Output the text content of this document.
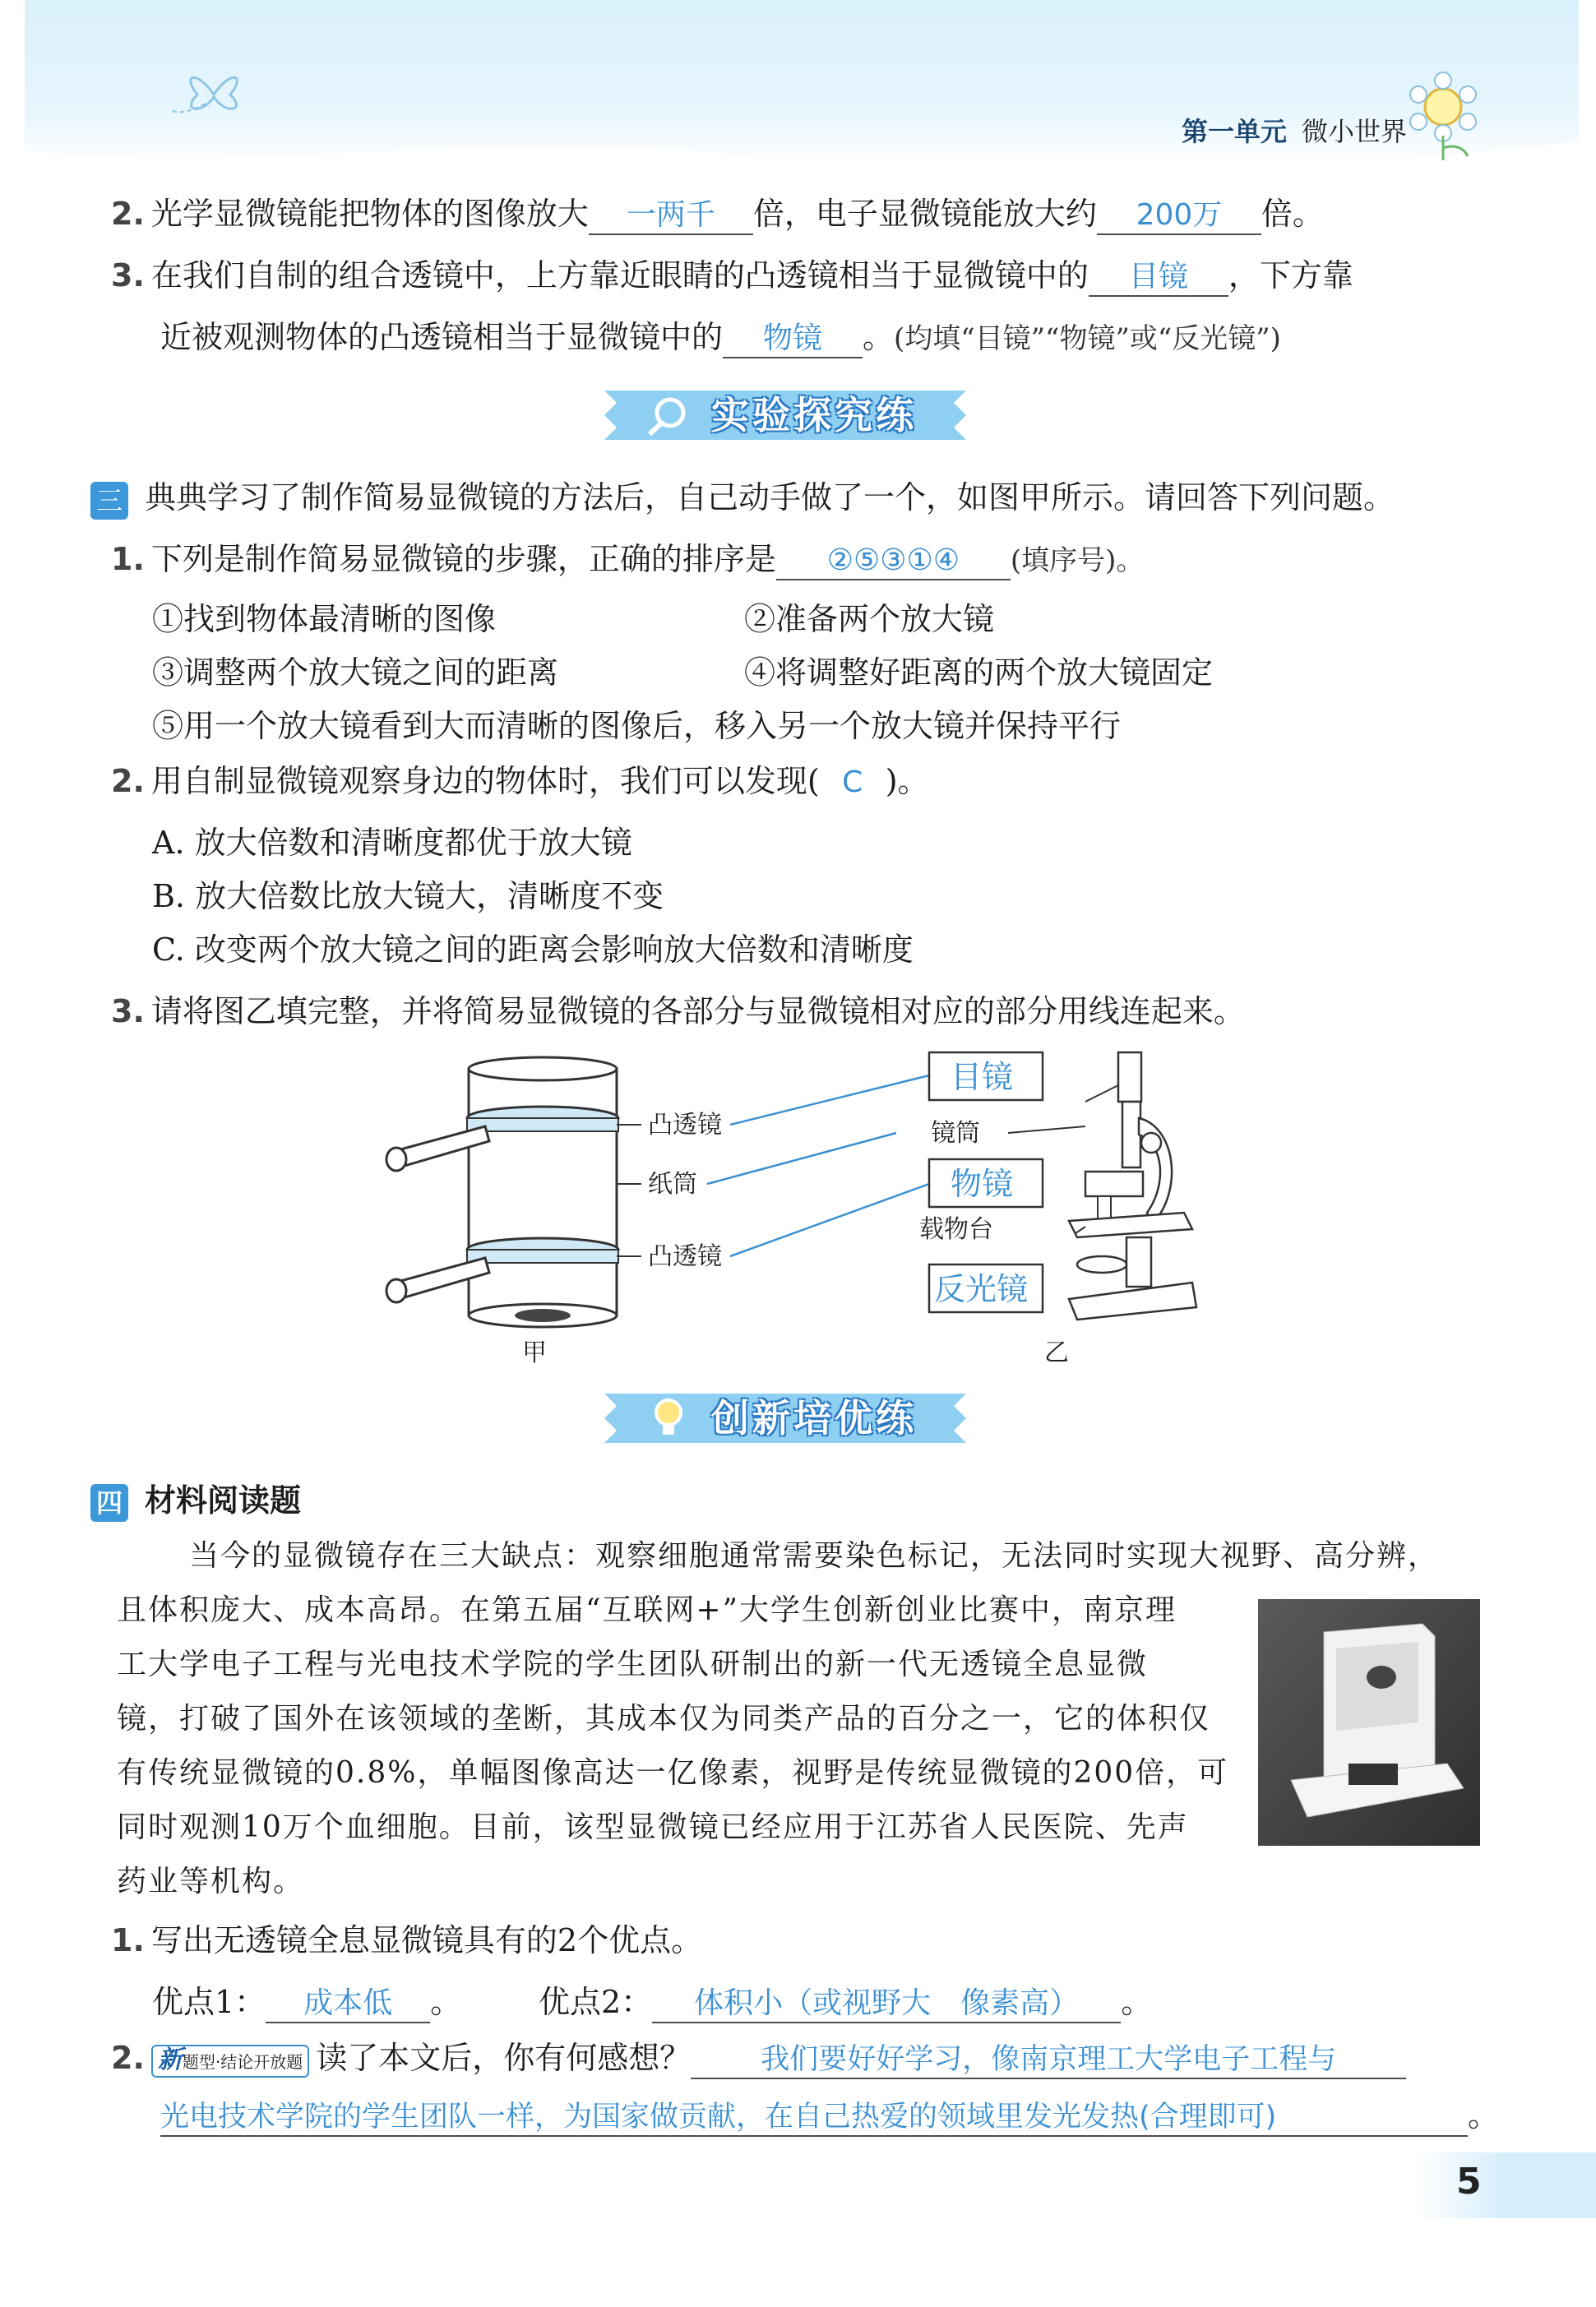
第一单元 微小世界
2. 光学显微镜能把物体的图像放大 一两千 倍，电子显微镜能放大约 200万 倍。
3. 在我们自制的组合透镜中，上方靠近眼睛的凸透镜相当于显微镜中的 目镜 ，下方靠
近被观测物体的凸透镜相当于显微镜中的 物镜 。(均填“目镜”“物镜”或“反光镜”)
实验探究练
三 典典学习了制作简易显微镜的方法后，自己动手做了一个，如图甲所示。请回答下列问题。
1. 下列是制作简易显微镜的步骤，正确的排序是 ②⑤③①④ (填序号)。
①找到物体最清晰的图像	②准备两个放大镜
③调整两个放大镜之间的距离	④将调整好距离的两个放大镜固定
⑤用一个放大镜看到大而清晰的图像后，移入另一个放大镜并保持平行
2. 用自制显微镜观察身边的物体时，我们可以发现( C )。
A. 放大倍数和清晰度都优于放大镜
B. 放大倍数比放大镜大，清晰度不变
C. 改变两个放大镜之间的距离会影响放大倍数和清晰度
3. 请将图乙填完整，并将简易显微镜的各部分与显微镜相对应的部分用线连起来。
凸透镜
纸筒
凸透镜
目镜
物镜
反光镜
镜筒
载物台
甲	乙
创新培优练
四 材料阅读题
当今的显微镜存在三大缺点：观察细胞通常需要染色标记，无法同时实现大视野、高分辨，
且体积庞大、成本高昂。在第五届“互联网+”大学生创新创业比赛中，南京理
工大学电子工程与光电技术学院的学生团队研制出的新一代无透镜全息显微
镜，打破了国外在该领域的垄断，其成本仅为同类产品的百分之一，它的体积仅
有传统显微镜的0.8%，单幅图像高达一亿像素，视野是传统显微镜的200倍，可
同时观测10万个血细胞。目前，该型显微镜已经应用于江苏省人民医院、先声
药业等机构。
1. 写出无透镜全息显微镜具有的2个优点。
优点1： 成本低 。 优点2： 体积小（或视野大　像素高） 。
2. 新题型·结论开放题 读了本文后，你有何感想？ 我们要好好学习，像南京理工大学电子工程与
光电技术学院的学生团队一样，为国家做贡献，在自己热爱的领域里发光发热(合理即可)	。
5
